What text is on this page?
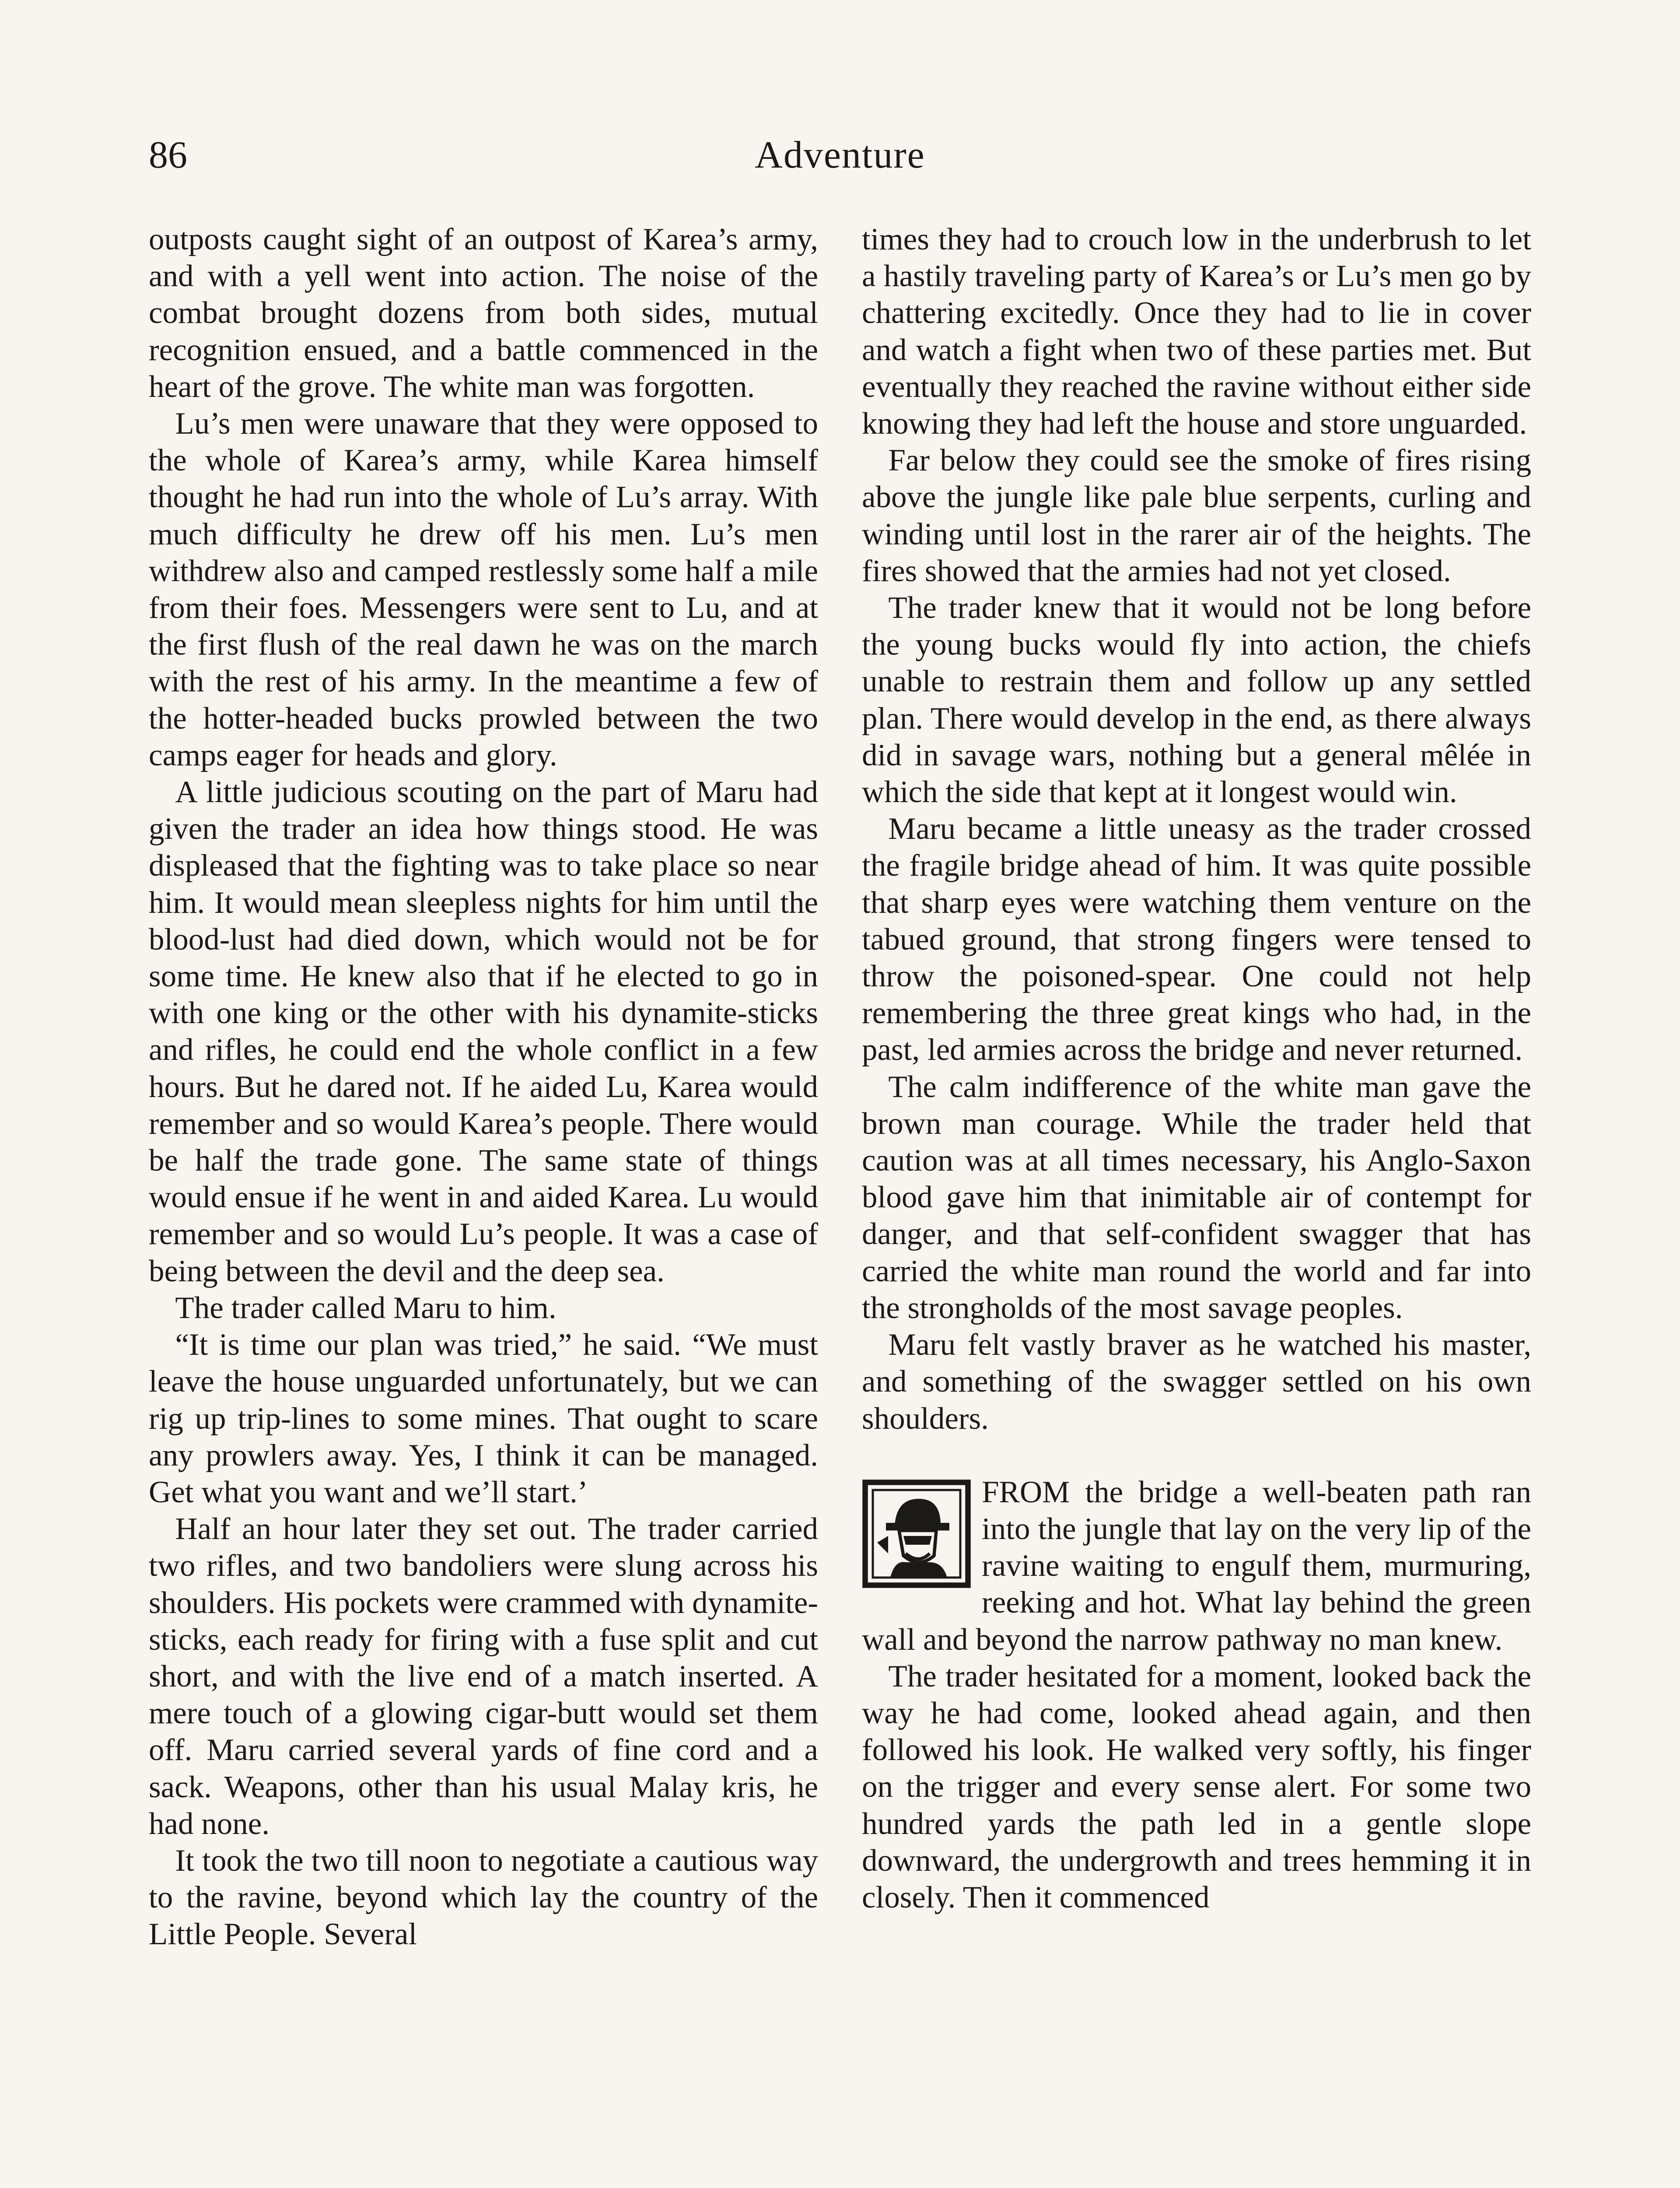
86	Adventure

outposts caught sight of an outpost of Karea’s army, and with a yell went into action. The noise of the combat brought dozens from both sides, mutual recognition ensued, and a battle commenced in the heart of the grove. The white man was forgotten.

Lu’s men were unaware that they were opposed to the whole of Karea’s army, while Karea himself thought he had run into the whole of Lu’s array. With much difficulty he drew off his men. Lu’s men withdrew also and camped restlessly some half a mile from their foes. Messengers were sent to Lu, and at the first flush of the real dawn he was on the march with the rest of his army. In the meantime a few of the hotter-headed bucks prowled between the two camps eager for heads and glory.

A little judicious scouting on the part of Maru had given the trader an idea how things stood. He was displeased that the fighting was to take place so near him. It would mean sleepless nights for him until the blood-lust had died down, which would not be for some time. He knew also that if he elected to go in with one king or the other with his dynamite-sticks and rifles, he could end the whole conflict in a few hours. But he dared not. If he aided Lu, Karea would remember and so would Karea’s people. There would be half the trade gone. The same state of things would ensue if he went in and aided Karea. Lu would remember and so would Lu’s people. It was a case of being between the devil and the deep sea.

The trader called Maru to him.

“It is time our plan was tried,” he said. “We must leave the house unguarded unfortunately, but we can rig up trip-lines to some mines. That ought to scare any prowlers away. Yes, I think it can be managed. Get what you want and we’ll start.’

Half an hour later they set out. The trader carried two rifles, and two bandoliers were slung across his shoulders. His pockets were crammed with dynamite-sticks, each ready for firing with a fuse split and cut short, and with the live end of a match inserted. A mere touch of a glowing cigar-butt would set them off. Maru carried several yards of fine cord and a sack. Weapons, other than his usual Malay kris, he had none.

It took the two till noon to negotiate a cautious way to the ravine, beyond which lay the country of the Little People. Several

times they had to crouch low in the underbrush to let a hastily traveling party of Karea’s or Lu’s men go by chattering excitedly. Once they had to lie in cover and watch a fight when two of these parties met. But eventually they reached the ravine without either side knowing they had left the house and store unguarded.

Far below they could see the smoke of fires rising above the jungle like pale blue serpents, curling and winding until lost in the rarer air of the heights. The fires showed that the armies had not yet closed.

The trader knew that it would not be long before the young bucks would fly into action, the chiefs unable to restrain them and follow up any settled plan. There would develop in the end, as there always did in savage wars, nothing but a general mêlée in which the side that kept at it longest would win.

Maru became a little uneasy as the trader crossed the fragile bridge ahead of him. It was quite possible that sharp eyes were watching them venture on the tabued ground, that strong fingers were tensed to throw the poisoned-spear. One could not help remembering the three great kings who had, in the past, led armies across the bridge and never returned.

The calm indifference of the white man gave the brown man courage. While the trader held that caution was at all times necessary, his Anglo-Saxon blood gave him that inimitable air of contempt for danger, and that self-confident swagger that has carried the white man round the world and far into the strongholds of the most savage peoples.

Maru felt vastly braver as he watched his master, and something of the swagger settled on his own shoulders.

FROM the bridge a well-beaten path ran into the jungle that lay on the very lip of the ravine waiting to engulf them, murmuring, reeking and hot. What lay behind the green wall and beyond the narrow pathway no man knew.

The trader hesitated for a moment, looked back the way he had come, looked ahead again, and then followed his look. He walked very softly, his finger on the trigger and every sense alert. For some two hundred yards the path led in a gentle slope downward, the undergrowth and trees hemming it in closely. Then it commenced
